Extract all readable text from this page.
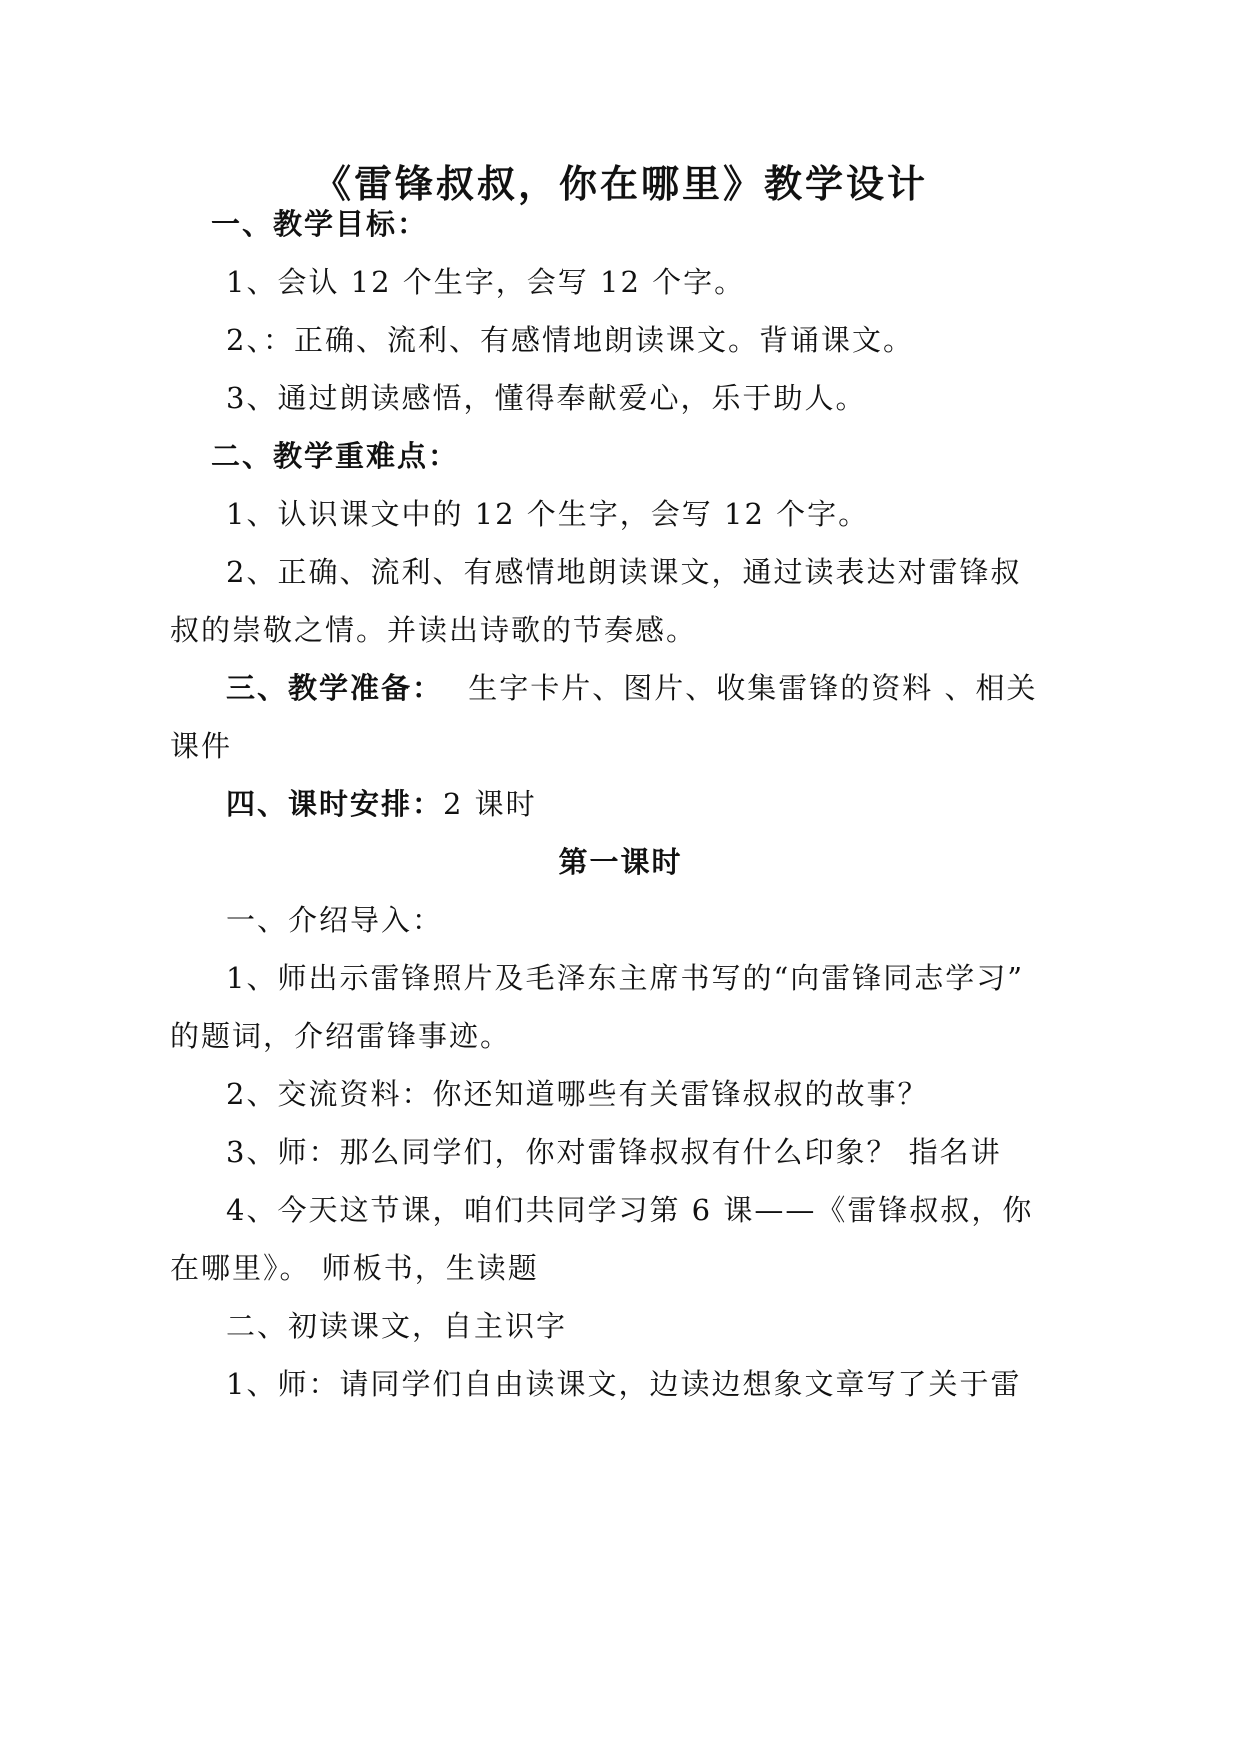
《雷锋叔叔，你在哪里》教学设计
一、教学目标：
1、会认 12 个生字，会写 12 个字。
2、：正确、流利、有感情地朗读课文。背诵课文。
3、通过朗读感悟，懂得奉献爱心，乐于助人。
二、教学重难点：
1、认识课文中的 12 个生字，会写 12 个字。
2、正确、流利、有感情地朗读课文，通过读表达对雷锋叔
叔的崇敬之情。并读出诗歌的节奏感。
三、教学准备： 生字卡片、图片、收集雷锋的资料 、相关
课件
四、课时安排：2 课时
第一课时
一、介绍导入：
1、师出示雷锋照片及毛泽东主席书写的“向雷锋同志学习”
的题词，介绍雷锋事迹。
2、交流资料：你还知道哪些有关雷锋叔叔的故事？
3、师：那么同学们，你对雷锋叔叔有什么印象？ 指名讲
4、今天这节课，咱们共同学习第 6 课——《雷锋叔叔，你
在哪里》。 师板书，生读题
二、初读课文，自主识字
1、师：请同学们自由读课文，边读边想象文章写了关于雷
